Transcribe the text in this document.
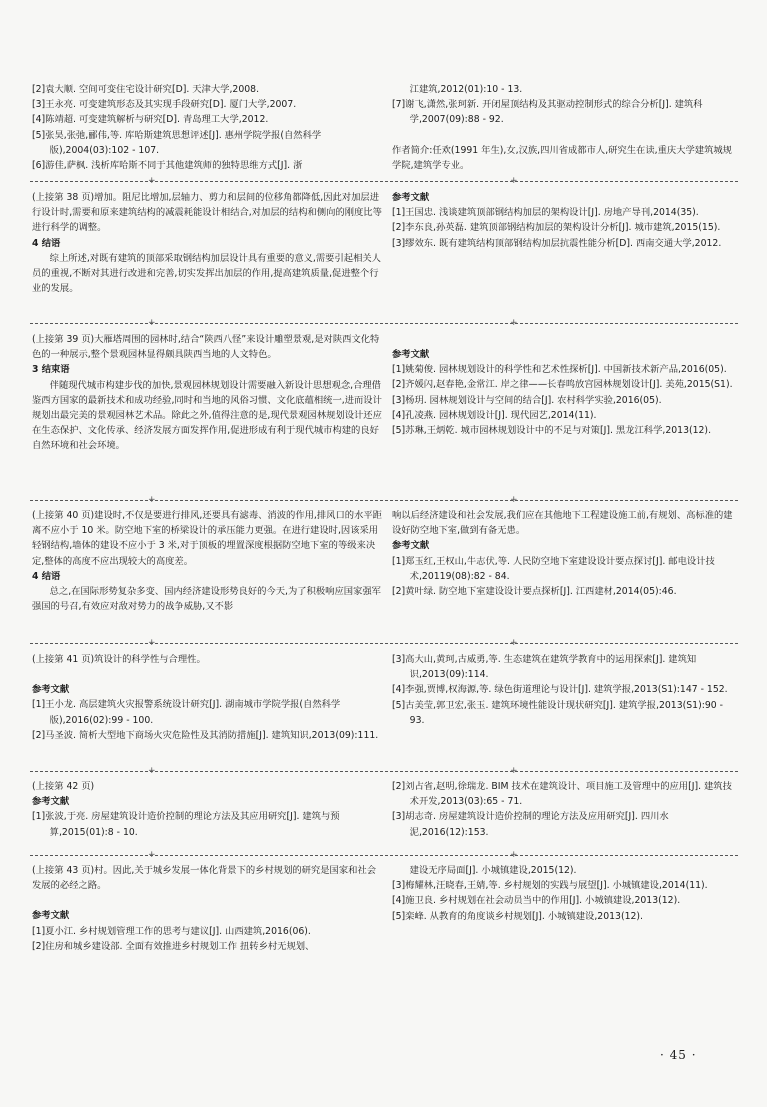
[2]袁大顺. 空间可变住宅设计研究[D]. 天津大学,2008.
[3]王永亮. 可变建筑形态及其实现手段研究[D]. 厦门大学,2007.
[4]陈靖超. 可变建筑解析与研究[D]. 青岛理工大学,2012.
[5]张昊,张弛,郦伟,等. 库哈斯建筑思想评述[J]. 惠州学院学报(自然科学版),2004(03):102 - 107.
[6]游佳,萨枫. 浅析库哈斯不同于其他建筑师的独特思维方式[J]. 浙
江建筑,2012(01):10 - 13.
[7]谢飞,潇然,张珂新. 开闭屋顶结构及其驱动控制形式的综合分析[J]. 建筑科学,2007(09):88 - 92.
作者简介:任欢(1991 年生),女,汉族,四川省成都市人,研究生在读,重庆大学建筑城规学院,建筑学专业。
+ +
(上接第 38 页)增加。阻尼比增加,层轴力、剪力和层间的位移角都降低,因此对加层进行设计时,需要和原来建筑结构的减震耗能设计相结合,对加层的结构和侧向的刚度比等进行科学的调整。
4 结语
综上所述,对既有建筑的顶部采取钢结构加层设计具有重要的意义,需要引起相关人员的重视,不断对其进行改进和完善,切实发挥出加层的作用,提高建筑质量,促进整个行业的发展。
参考文献
[1]王国忠. 浅谈建筑顶部钢结构加层的架构设计[J]. 房地产导刊,2014(35).
[2]李东良,孙英磊. 建筑顶部钢结构加层的架构设计分析[J]. 城市建筑,2015(15).
[3]缪效东. 既有建筑结构顶部钢结构加层抗震性能分析[D]. 西南交通大学,2012.
+ +
(上接第 39 页)大雁塔周围的园林时,结合“陕西八怪”来设计雕塑景观,是对陕西文化特色的一种展示,整个景观园林显得颇具陕西当地的人文特色。
3 结束语
伴随现代城市构建步伐的加快,景观园林规划设计需要融入新设计思想观念,合理借鉴西方国家的最新技术和成功经验,同时和当地的风俗习惯、文化底蕴相统一,进而设计规划出最完美的景观园林艺术品。除此之外,值得注意的是,现代景观园林规划设计还应在生态保护、文化传承、经济发展方面发挥作用,促进形成有利于现代城市构建的良好自然环境和社会环境。
参考文献
[1]姚菊俊. 园林规划设计的科学性和艺术性探析[J]. 中国新技术新产品,2016(05).
[2]齐媛闪,赵春艳,金常江. 岸之律——长春鸣放宫园林规划设计[J]. 美苑,2015(S1).
[3]杨玥. 园林规划设计与空间的结合[J]. 农村科学实验,2016(05).
[4]孔凌燕. 园林规划设计[J]. 现代园艺,2014(11).
[5]苏琳,王炳乾. 城市园林规划设计中的不足与对策[J]. 黑龙江科学,2013(12).
+ +
(上接第 40 页)建设时,不仅是要进行排风,还要具有滤毒、消波的作用,排风口的水平距离不应小于 10 米。防空地下室的桥梁设计的承压能力更强。在进行建设时,因该采用轻钢结构,墙体的建设不应小于 3 米,对于顶板的埋置深度根据防空地下室的等级来决定,整体的高度不应出现较大的高度差。
4 结语
总之,在国际形势复杂多变、国内经济建设形势良好的今天,为了积极响应国家强军强国的号召,有效应对敌对势力的战争威胁,又不影
响以后经济建设和社会发展,我们应在其他地下工程建设施工前,有规划、高标准的建设好防空地下室,做到有备无患。
参考文献
[1]郑玉红,王权山,牛志伏,等. 人民防空地下室建设设计要点探讨[J]. 邮电设计技术,20119(08):82 - 84.
[2]黄叶绿. 防空地下室建设设计要点探析[J]. 江西建材,2014(05):46.
+ +
(上接第 41 页)筑设计的科学性与合理性。
参考文献
[1]王小龙. 高层建筑火灾报警系统设计研究[J]. 湖南城市学院学报(自然科学版),2016(02):99 - 100.
[2]马圣波. 简析大型地下商场火灾危险性及其消防措施[J]. 建筑知识,2013(09):111.
[3]高大山,黄珂,古威勇,等. 生态建筑在建筑学教育中的运用探索[J]. 建筑知识,2013(09):114.
[4]李强,贾博,权海源,等. 绿色街道理论与设计[J]. 建筑学报,2013(S1):147 - 152.
[5]古美莹,郭卫宏,张玉. 建筑环境性能设计现状研究[J]. 建筑学报,2013(S1):90 - 93.
+ +
(上接第 42 页)
参考文献
[1]张波,于亮. 房屋建筑设计造价控制的理论方法及其应用研究[J]. 建筑与预算,2015(01):8 - 10.
[2]刘占省,赵明,徐瑞龙. BIM 技术在建筑设计、项目施工及管理中的应用[J]. 建筑技术开发,2013(03):65 - 71.
[3]胡志奇. 房屋建筑设计造价控制的理论方法及应用研究[J]. 四川水泥,2016(12):153.
+ +
(上接第 43 页)村。因此,关于城乡发展一体化背景下的乡村规划的研究是国家和社会发展的必经之路。
参考文献
[1]夏小江. 乡村规划管理工作的思考与建议[J]. 山西建筑,2016(06).
[2]住房和城乡建设部. 全面有效推进乡村规划工作 扭转乡村无规划、
建设无序局面[J]. 小城镇建设,2015(12).
[3]梅耀林,汪晓春,王婧,等. 乡村规划的实践与展望[J]. 小城镇建设,2014(11).
[4]施卫良. 乡村规划在社会动员当中的作用[J]. 小城镇建设,2013(12).
[5]栾峰. 从教育的角度谈乡村规划[J]. 小城镇建设,2013(12).
· 45 ·
